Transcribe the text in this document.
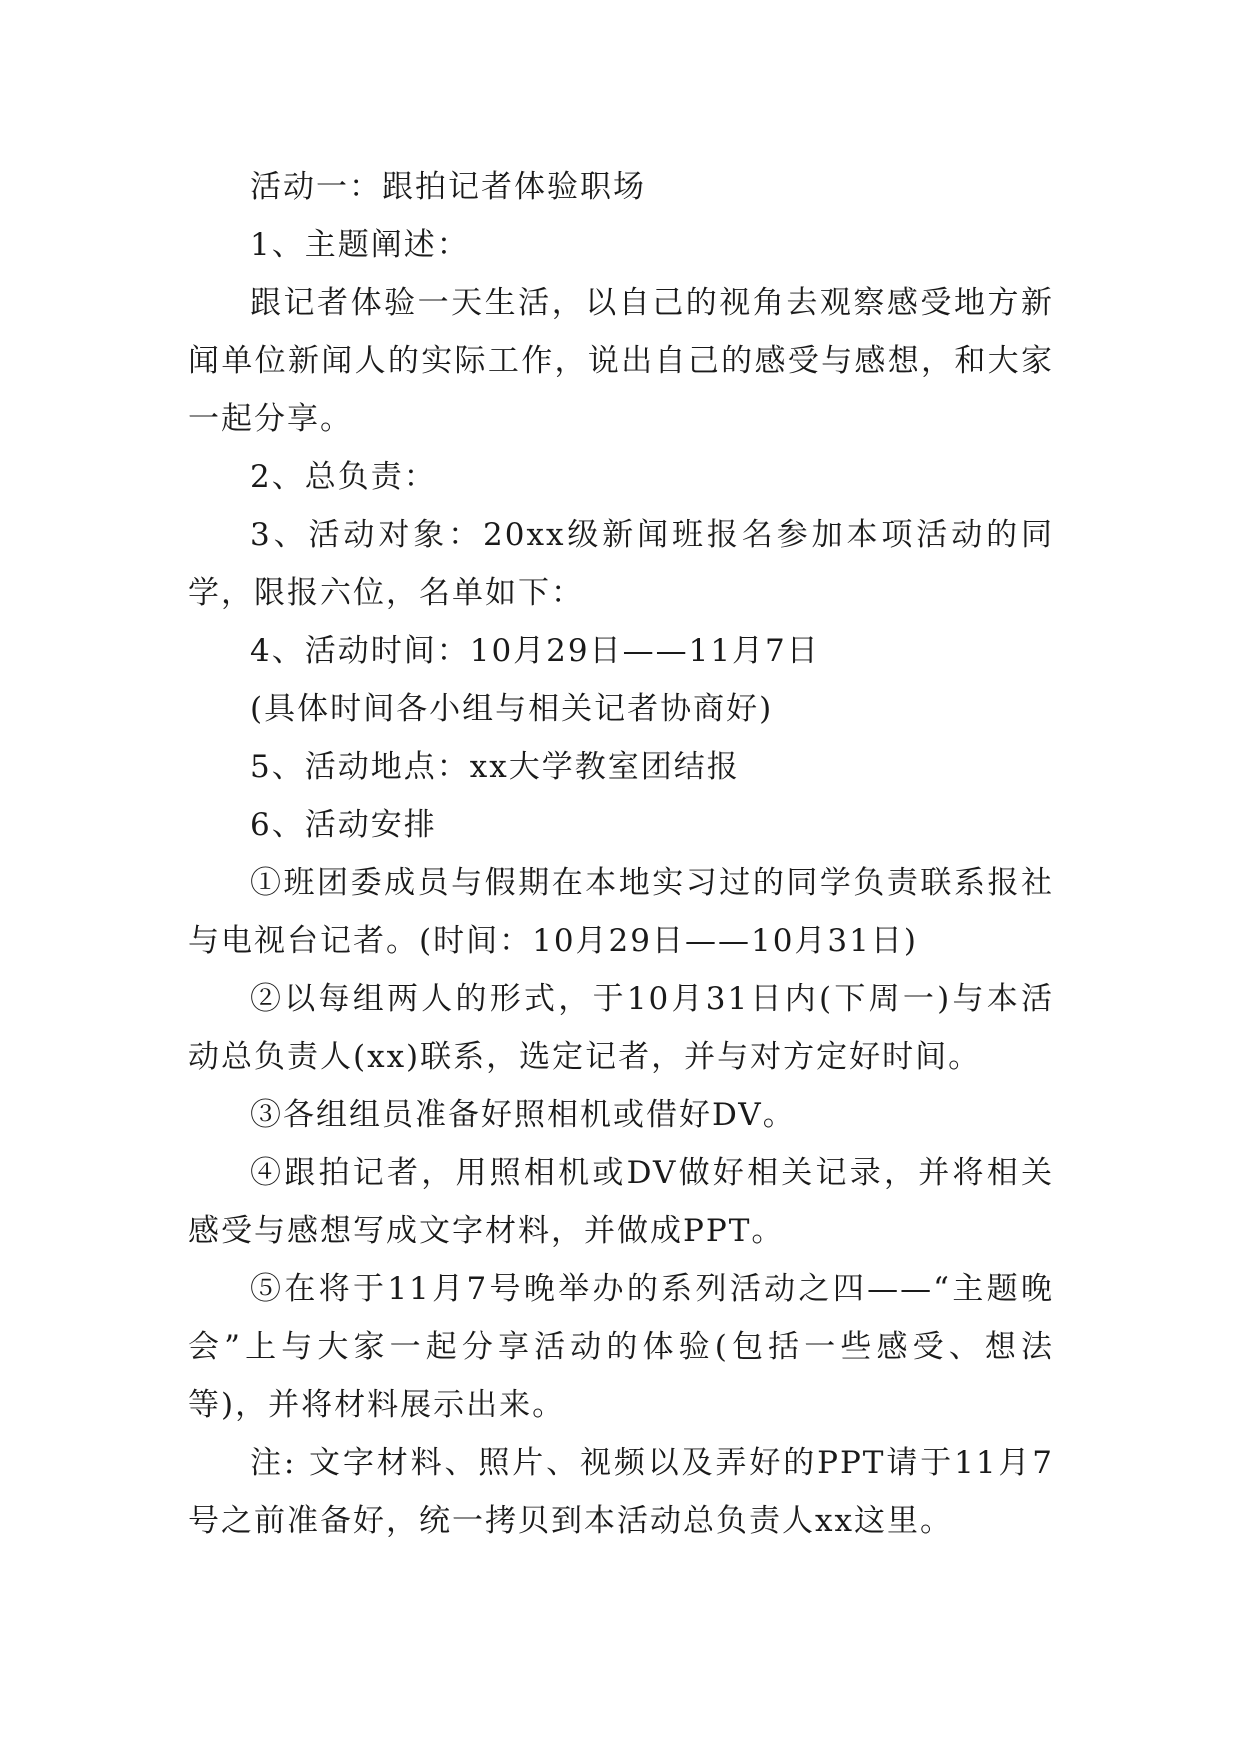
活动一：跟拍记者体验职场

1、主题阐述：

跟记者体验一天生活，以自己的视角去观察感受地方新闻单位新闻人的实际工作，说出自己的感受与感想，和大家一起分享。

2、总负责：

3、活动对象：20xx级新闻班报名参加本项活动的同学，限报六位，名单如下：

4、活动时间：10月29日——11月7日

(具体时间各小组与相关记者协商好)

5、活动地点：xx大学教室团结报

6、活动安排

①班团委成员与假期在本地实习过的同学负责联系报社与电视台记者。(时间：10月29日——10月31日)

②以每组两人的形式，于10月31日内(下周一)与本活动总负责人(xx)联系，选定记者，并与对方定好时间。

③各组组员准备好照相机或借好DV。

④跟拍记者，用照相机或DV做好相关记录，并将相关感受与感想写成文字材料，并做成PPT。

⑤在将于11月7号晚举办的系列活动之四——“主题晚会”上与大家一起分享活动的体验(包括一些感受、想法等)，并将材料展示出来。

注: 文字材料、照片、视频以及弄好的PPT请于11月7号之前准备好，统一拷贝到本活动总负责人xx这里。
